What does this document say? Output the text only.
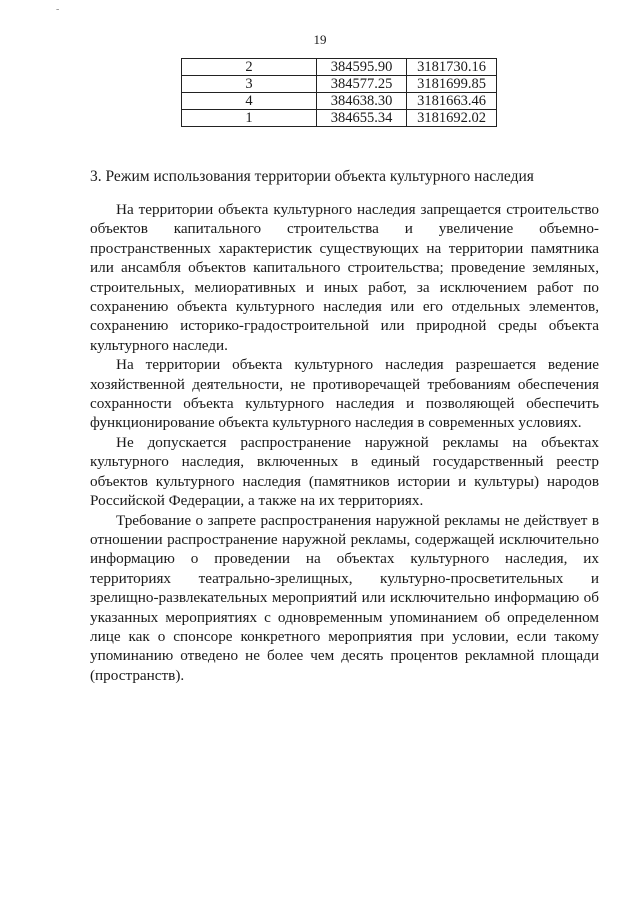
-
19
2	384595.90	3181730.16
3	384577.25	3181699.85
4	384638.30	3181663.46
1	384655.34	3181692.02
3. Режим использования территории объекта культурного наследия

На территории объекта культурного наследия запрещается строительство объектов капитального строительства и увеличение объемно-пространственных характеристик существующих на территории памятника или ансамбля объектов капитального строительства; проведение земляных, строительных, мелиоративных и иных работ, за исключением работ по сохранению объекта культурного наследия или его отдельных элементов, сохранению историко-градостроительной или природной среды объекта культурного наследи.

На территории объекта культурного наследия разрешается ведение хозяйственной деятельности, не противоречащей требованиям обеспечения сохранности объекта культурного наследия и позволяющей обеспечить функционирование объекта культурного наследия в современных условиях.

Не допускается распространение наружной рекламы на объектах культурного наследия, включенных в единый государственный реестр объектов культурного наследия (памятников истории и культуры) народов Российской Федерации, а также на их территориях.

Требование о запрете распространения наружной рекламы не действует в отношении распространение наружной рекламы, содержащей исключительно информацию о проведении на объектах культурного наследия, их территориях театрально-зрелищных, культурно-просветительных и зрелищно-развлекательных мероприятий или исключительно информацию об указанных мероприятиях с одновременным упоминанием об определенном лице как о спонсоре конкретного мероприятия при условии, если такому упоминанию отведено не более чем десять процентов рекламной площади (пространств).
